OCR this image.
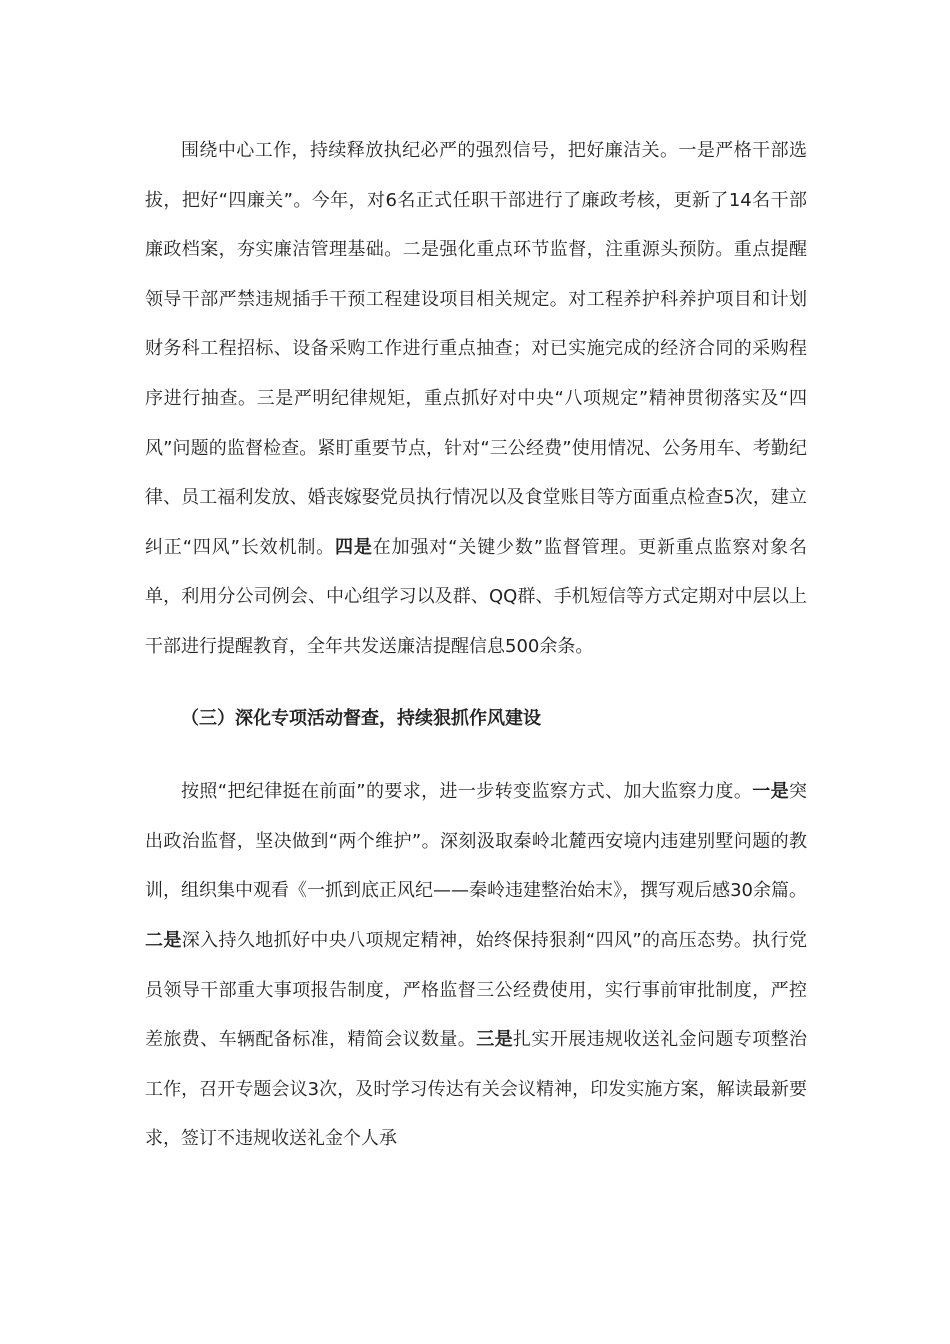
围绕中心工作，持续释放执纪必严的强烈信号，把好廉洁关。一是严格干部选拔，把好“四廉关”。今年，对6名正式任职干部进行了廉政考核，更新了14名干部廉政档案，夯实廉洁管理基础。二是强化重点环节监督，注重源头预防。重点提醒领导干部严禁违规插手干预工程建设项目相关规定。对工程养护科养护项目和计划财务科工程招标、设备采购工作进行重点抽查；对已实施完成的经济合同的采购程序进行抽查。三是严明纪律规矩，重点抓好对中央“八项规定”精神贯彻落实及“四风”问题的监督检查。紧盯重要节点，针对“三公经费”使用情况、公务用车、考勤纪律、员工福利发放、婚丧嫁娶党员执行情况以及食堂账目等方面重点检查5次，建立纠正“四风”长效机制。四是在加强对“关键少数”监督管理。更新重点监察对象名单，利用分公司例会、中心组学习以及群、QQ群、手机短信等方式定期对中层以上干部进行提醒教育，全年共发送廉洁提醒信息500余条。

（三）深化专项活动督查，持续狠抓作风建设

按照“把纪律挺在前面”的要求，进一步转变监察方式、加大监察力度。一是突出政治监督，坚决做到“两个维护”。深刻汲取秦岭北麓西安境内违建别墅问题的教训，组织集中观看《一抓到底正风纪——秦岭违建整治始末》，撰写观后感30余篇。二是深入持久地抓好中央八项规定精神，始终保持狠刹“四风”的高压态势。执行党员领导干部重大事项报告制度，严格监督三公经费使用，实行事前审批制度，严控差旅费、车辆配备标准，精简会议数量。三是扎实开展违规收送礼金问题专项整治工作，召开专题会议3次，及时学习传达有关会议精神，印发实施方案，解读最新要求，签订不违规收送礼金个人承
